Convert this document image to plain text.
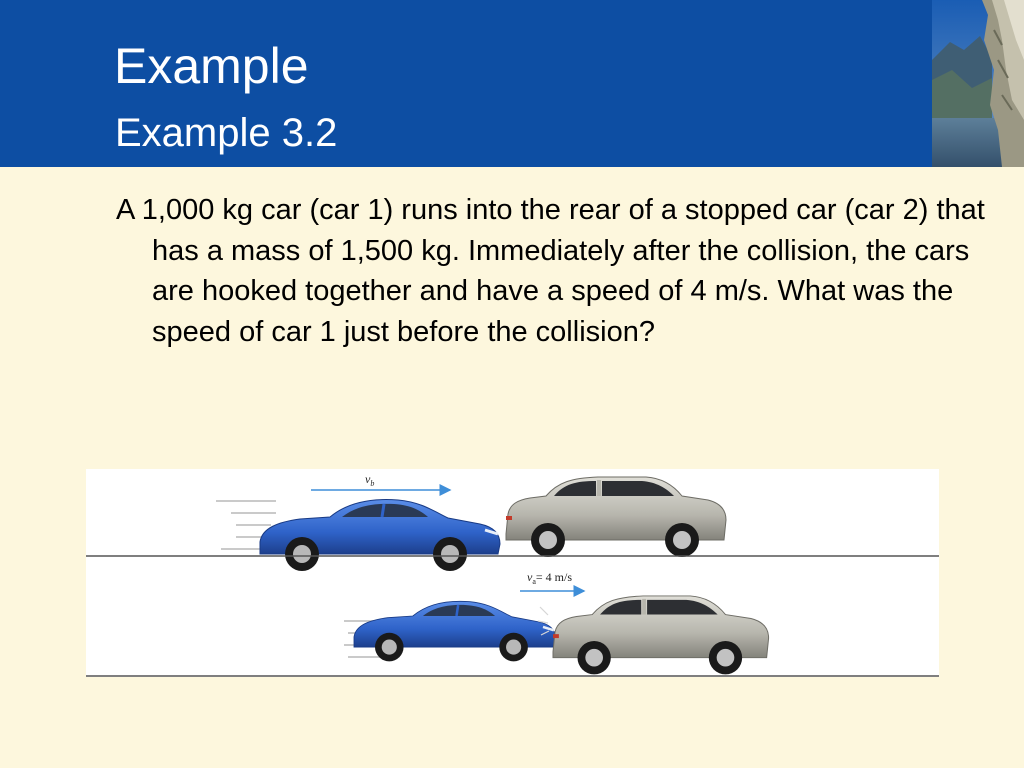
Example
Example 3.2

A 1,000 kg car (car 1) runs into the rear of a stopped car (car 2) that has a mass of 1,500 kg. Immediately after the collision, the cars are hooked together and have a speed of 4 m/s. What was the speed of car 1 just before the collision?

$v_b$
$v_a= 4$ m/s
